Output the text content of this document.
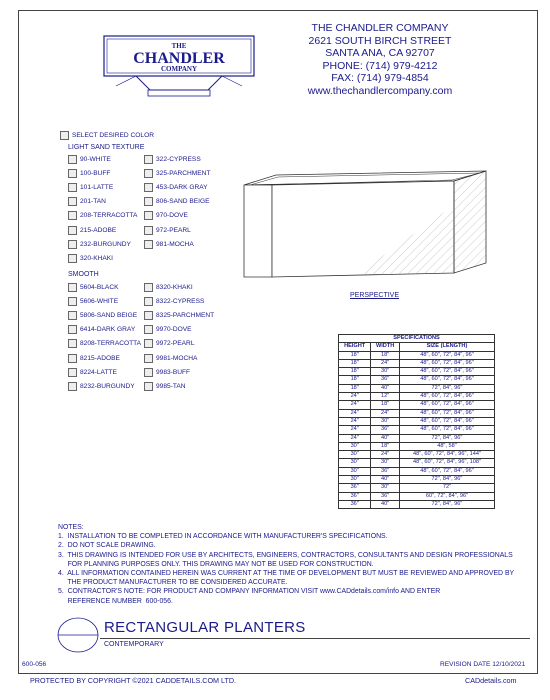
THE
CHANDLER
COMPANY
THE CHANDLER COMPANY
2621 SOUTH BIRCH STREET
SANTA ANA, CA 92707
PHONE: (714) 979-4212
FAX: (714) 979-4854
www.thechandlercompany.com
SELECT DESIRED COLOR
LIGHT SAND TEXTURE
90-WHITE
100-BUFF
101-LATTE
201-TAN
208-TERRACOTTA
215-ADOBE
232-BURGUNDY
320-KHAKI
322-CYPRESS
325-PARCHMENT
453-DARK GRAY
806-SAND BEIGE
970-DOVE
972-PEARL
981-MOCHA
SMOOTH
5604-BLACK
5606-WHITE
5806-SAND BEIGE
6414-DARK GRAY
8208-TERRACOTTA
8215-ADOBE
8224-LATTE
8232-BURGUNDY
8320-KHAKI
8322-CYPRESS
8325-PARCHMENT
9970-DOVE
9972-PEARL
9981-MOCHA
9983-BUFF
9985-TAN
PERSPECTIVE
SPECIFICATIONS		
HEIGHT	WIDTH	SIZE (LENGTH)
18"	18"	48", 60", 72", 84", 96"
18"	24"	48", 60", 72", 84", 96"
18"	30"	48", 60", 72", 84", 96"
18"	36"	48", 60", 72", 84", 96"
18"	40"	72", 84", 96"
24"	12"	48", 60", 72", 84", 96"
24"	18"	48", 60", 72", 84", 96"
24"	24"	48", 60", 72", 84", 96"
24"	30"	48", 60", 72", 84", 96"
24"	36"	48", 60", 72", 84", 96"
24"	40"	72", 84", 96"
30"	18"	48", 58"
30"	24"	48", 60", 72", 84", 96", 144"
30"	30"	48", 60", 72", 84", 96", 108"
30"	36"	48", 60", 72", 84", 96"
30"	40"	72", 84", 96"
36"	30"	72"
36"	36"	60", 72", 84", 96"
36"	40"	72", 84", 96"
NOTES:
1.  INSTALLATION TO BE COMPLETED IN ACCORDANCE WITH MANUFACTURER'S SPECIFICATIONS.
2.  DO NOT SCALE DRAWING.
3.  THIS DRAWING IS INTENDED FOR USE BY ARCHITECTS, ENGINEERS, CONTRACTORS, CONSULTANTS AND DESIGN PROFESSIONALS
FOR PLANNING PURPOSES ONLY. THIS DRAWING MAY NOT BE USED FOR CONSTRUCTION.
4.  ALL INFORMATION CONTAINED HEREIN WAS CURRENT AT THE TIME OF DEVELOPMENT BUT MUST BE REVIEWED AND APPROVED BY
THE PRODUCT MANUFACTURER TO BE CONSIDERED ACCURATE.
5.  CONTRACTOR'S NOTE: FOR PRODUCT AND COMPANY INFORMATION VISIT www.CADdetails.com/info AND ENTER
REFERENCE NUMBER  600-056.
RECTANGULAR PLANTERS
CONTEMPORARY
600-056	REVISION DATE 12/10/2021
PROTECTED BY COPYRIGHT ©2021 CADDETAILS.COM LTD.	CADdetails.com
